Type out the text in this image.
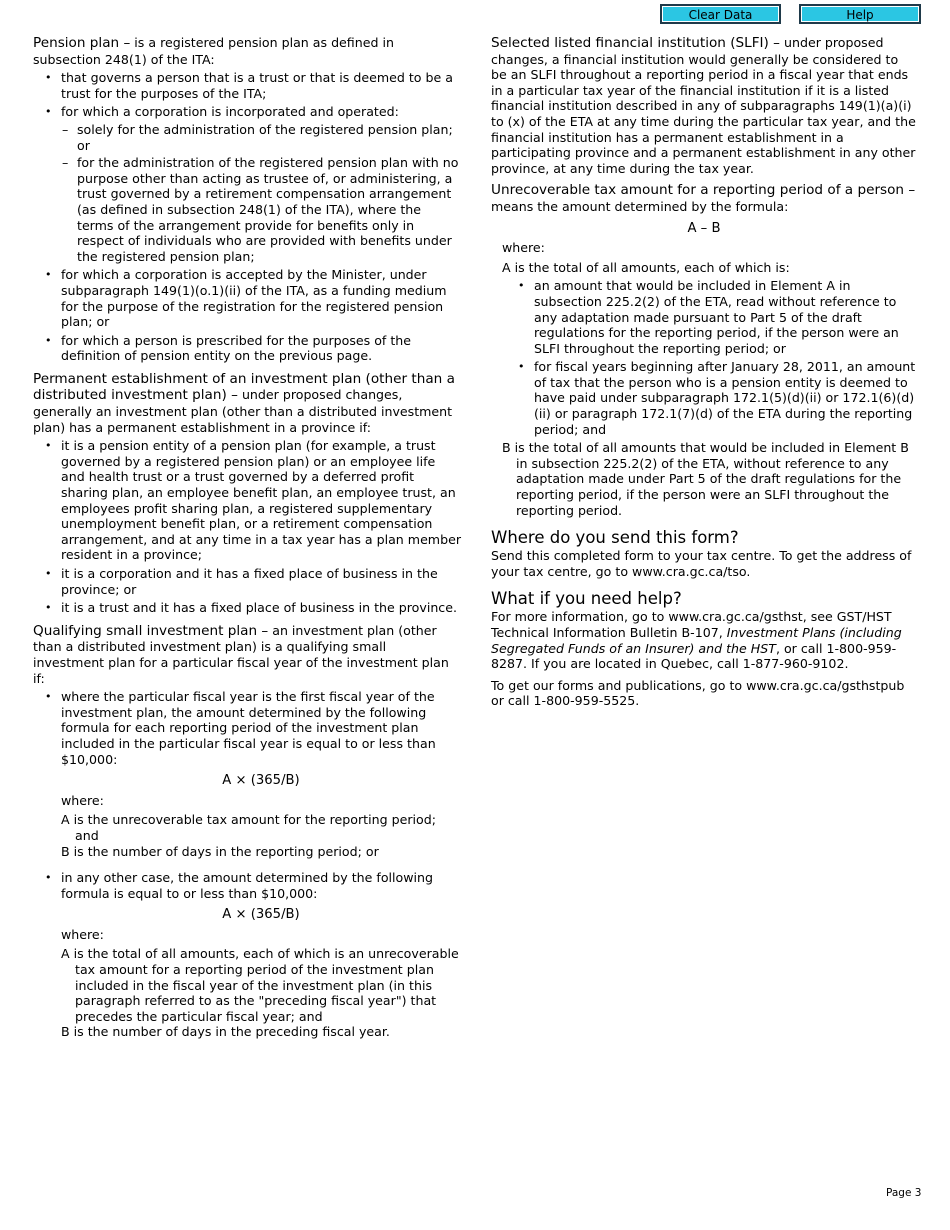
Clear Data	Help

Pension plan – is a registered pension plan as defined in subsection 248(1) of the ITA:

• that governs a person that is a trust or that is deemed to be a trust for the purposes of the ITA;
• for which a corporation is incorporated and operated:
– solely for the administration of the registered pension plan; or
– for the administration of the registered pension plan with no purpose other than acting as trustee of, or administering, a trust governed by a retirement compensation arrangement (as defined in subsection 248(1) of the ITA), where the terms of the arrangement provide for benefits only in respect of individuals who are provided with benefits under the registered pension plan;
• for which a corporation is accepted by the Minister, under subparagraph 149(1)(o.1)(ii) of the ITA, as a funding medium for the purpose of the registration for the registered pension plan; or
• for which a person is prescribed for the purposes of the definition of pension entity on the previous page.

Permanent establishment of an investment plan (other than a distributed investment plan) – under proposed changes, generally an investment plan (other than a distributed investment plan) has a permanent establishment in a province if:

• it is a pension entity of a pension plan (for example, a trust governed by a registered pension plan) or an employee life and health trust or a trust governed by a deferred profit sharing plan, an employee benefit plan, an employee trust, an employees profit sharing plan, a registered supplementary unemployment benefit plan, or a retirement compensation arrangement, and at any time in a tax year has a plan member resident in a province;
• it is a corporation and it has a fixed place of business in the province; or
• it is a trust and it has a fixed place of business in the province.

Qualifying small investment plan – an investment plan (other than a distributed investment plan) is a qualifying small investment plan for a particular fiscal year of the investment plan if:

• where the particular fiscal year is the first fiscal year of the investment plan, the amount determined by the following formula for each reporting period of the investment plan included in the particular fiscal year is equal to or less than $10,000:
A × (365/B)

where:

A is the unrecoverable tax amount for the reporting period; and

B is the number of days in the reporting period; or

• in any other case, the amount determined by the following formula is equal to or less than $10,000:
A × (365/B)

where:

A is the total of all amounts, each of which is an unrecoverable tax amount for a reporting period of the investment plan included in the fiscal year of the investment plan (in this paragraph referred to as the "preceding fiscal year") that precedes the particular fiscal year; and

B is the number of days in the preceding fiscal year.

Selected listed financial institution (SLFI) – under proposed changes, a financial institution would generally be considered to be an SLFI throughout a reporting period in a fiscal year that ends in a particular tax year of the financial institution if it is a listed financial institution described in any of subparagraphs 149(1)(a)(i) to (x) of the ETA at any time during the particular tax year, and the financial institution has a permanent establishment in a participating province and a permanent establishment in any other province, at any time during the tax year.

Unrecoverable tax amount for a reporting period of a person – means the amount determined by the formula:

A – B

where:

A is the total of all amounts, each of which is:

• an amount that would be included in Element A in subsection 225.2(2) of the ETA, read without reference to any adaptation made pursuant to Part 5 of the draft regulations for the reporting period, if the person were an SLFI throughout the reporting period; or
• for fiscal years beginning after January 28, 2011, an amount of tax that the person who is a pension entity is deemed to have paid under subparagraph 172.1(5)(d)(ii) or 172.1(6)(d)(ii) or paragraph 172.1(7)(d) of the ETA during the reporting period; and

B is the total of all amounts that would be included in Element B in subsection 225.2(2) of the ETA, without reference to any adaptation made under Part 5 of the draft regulations for the reporting period, if the person were an SLFI throughout the reporting period.

Where do you send this form?

Send this completed form to your tax centre. To get the address of your tax centre, go to www.cra.gc.ca/tso.

What if you need help?

For more information, go to www.cra.gc.ca/gsthst, see GST/HST Technical Information Bulletin B-107, Investment Plans (including Segregated Funds of an Insurer) and the HST, or call 1-800-959-8287. If you are located in Quebec, call 1-877-960-9102.

To get our forms and publications, go to www.cra.gc.ca/gsthstpub or call 1-800-959-5525.

Page 3
